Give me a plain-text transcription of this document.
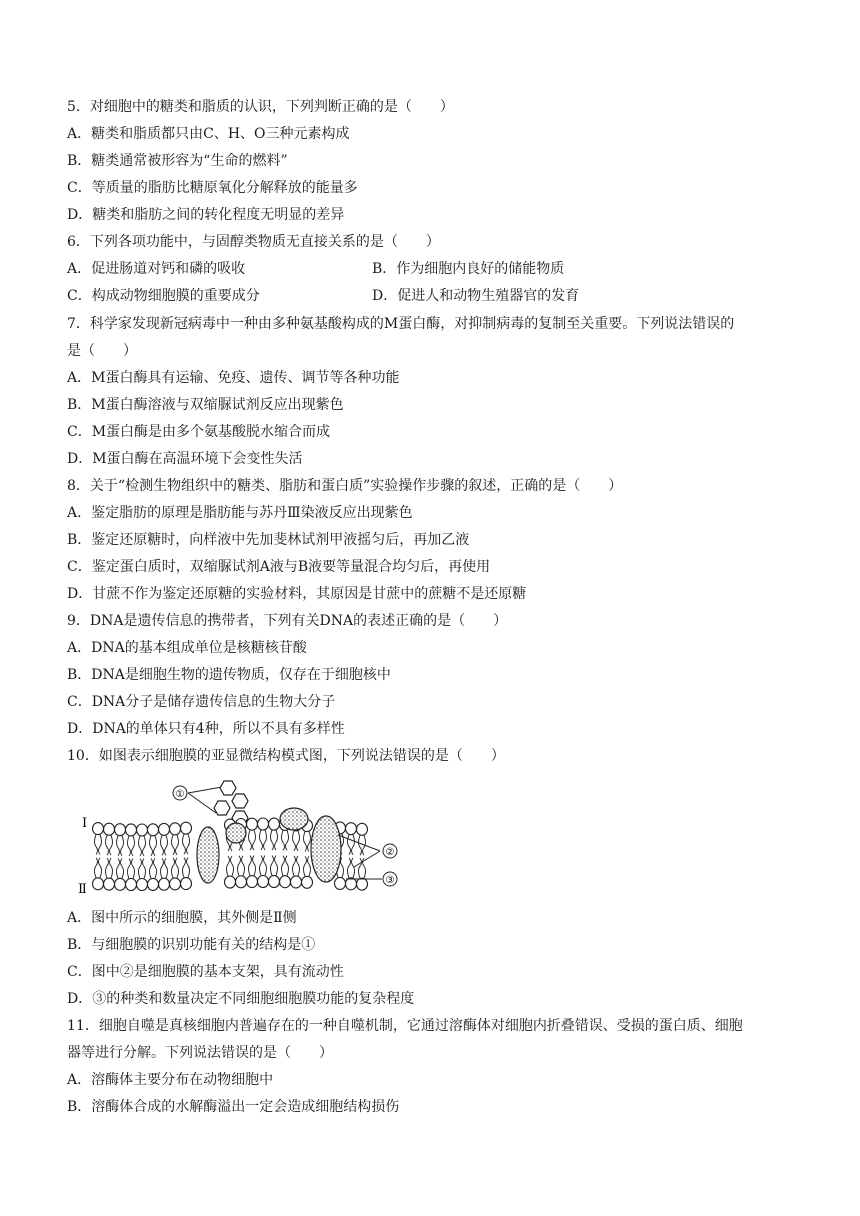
5．对细胞中的糖类和脂质的认识，下列判断正确的是（　　）
A．糖类和脂质都只由C、H、O三种元素构成
B．糖类通常被形容为“生命的燃料”
C．等质量的脂肪比糖原氧化分解释放的能量多
D．糖类和脂肪之间的转化程度无明显的差异
6．下列各项功能中，与固醇类物质无直接关系的是（　　）
A．促进肠道对钙和磷的吸收	B．作为细胞内良好的储能物质
C．构成动物细胞膜的重要成分	D．促进人和动物生殖器官的发育
7．科学家发现新冠病毒中一种由多种氨基酸构成的M蛋白酶，对抑制病毒的复制至关重要。下列说法错误的
是（　　）
A．M蛋白酶具有运输、免疫、遗传、调节等各种功能
B．M蛋白酶溶液与双缩脲试剂反应出现紫色
C．M蛋白酶是由多个氨基酸脱水缩合而成
D．M蛋白酶在高温环境下会变性失活
8．关于“检测生物组织中的糖类、脂肪和蛋白质”实验操作步骤的叙述，正确的是（　　）
A．鉴定脂肪的原理是脂肪能与苏丹Ⅲ染液反应出现紫色
B．鉴定还原糖时，向样液中先加斐林试剂甲液摇匀后，再加乙液
C．鉴定蛋白质时，双缩脲试剂A液与B液要等量混合均匀后，再使用
D．甘蔗不作为鉴定还原糖的实验材料，其原因是甘蔗中的蔗糖不是还原糖
9．DNA是遗传信息的携带者，下列有关DNA的表述正确的是（　　）
A．DNA的基本组成单位是核糖核苷酸
B．DNA是细胞生物的遗传物质，仅存在于细胞核中
C．DNA分子是储存遗传信息的生物大分子
D．DNA的单体只有4种，所以不具有多样性
10．如图表示细胞膜的亚显微结构模式图，下列说法错误的是（　　）
①
②
③
Ⅰ
Ⅱ
A．图中所示的细胞膜，其外侧是Ⅱ侧
B．与细胞膜的识别功能有关的结构是①
C．图中②是细胞膜的基本支架，具有流动性
D．③的种类和数量决定不同细胞细胞膜功能的复杂程度
11．细胞自噬是真核细胞内普遍存在的一种自噬机制，它通过溶酶体对细胞内折叠错误、受损的蛋白质、细胞
器等进行分解。下列说法错误的是（　　）
A．溶酶体主要分布在动物细胞中
B．溶酶体合成的水解酶溢出一定会造成细胞结构损伤
